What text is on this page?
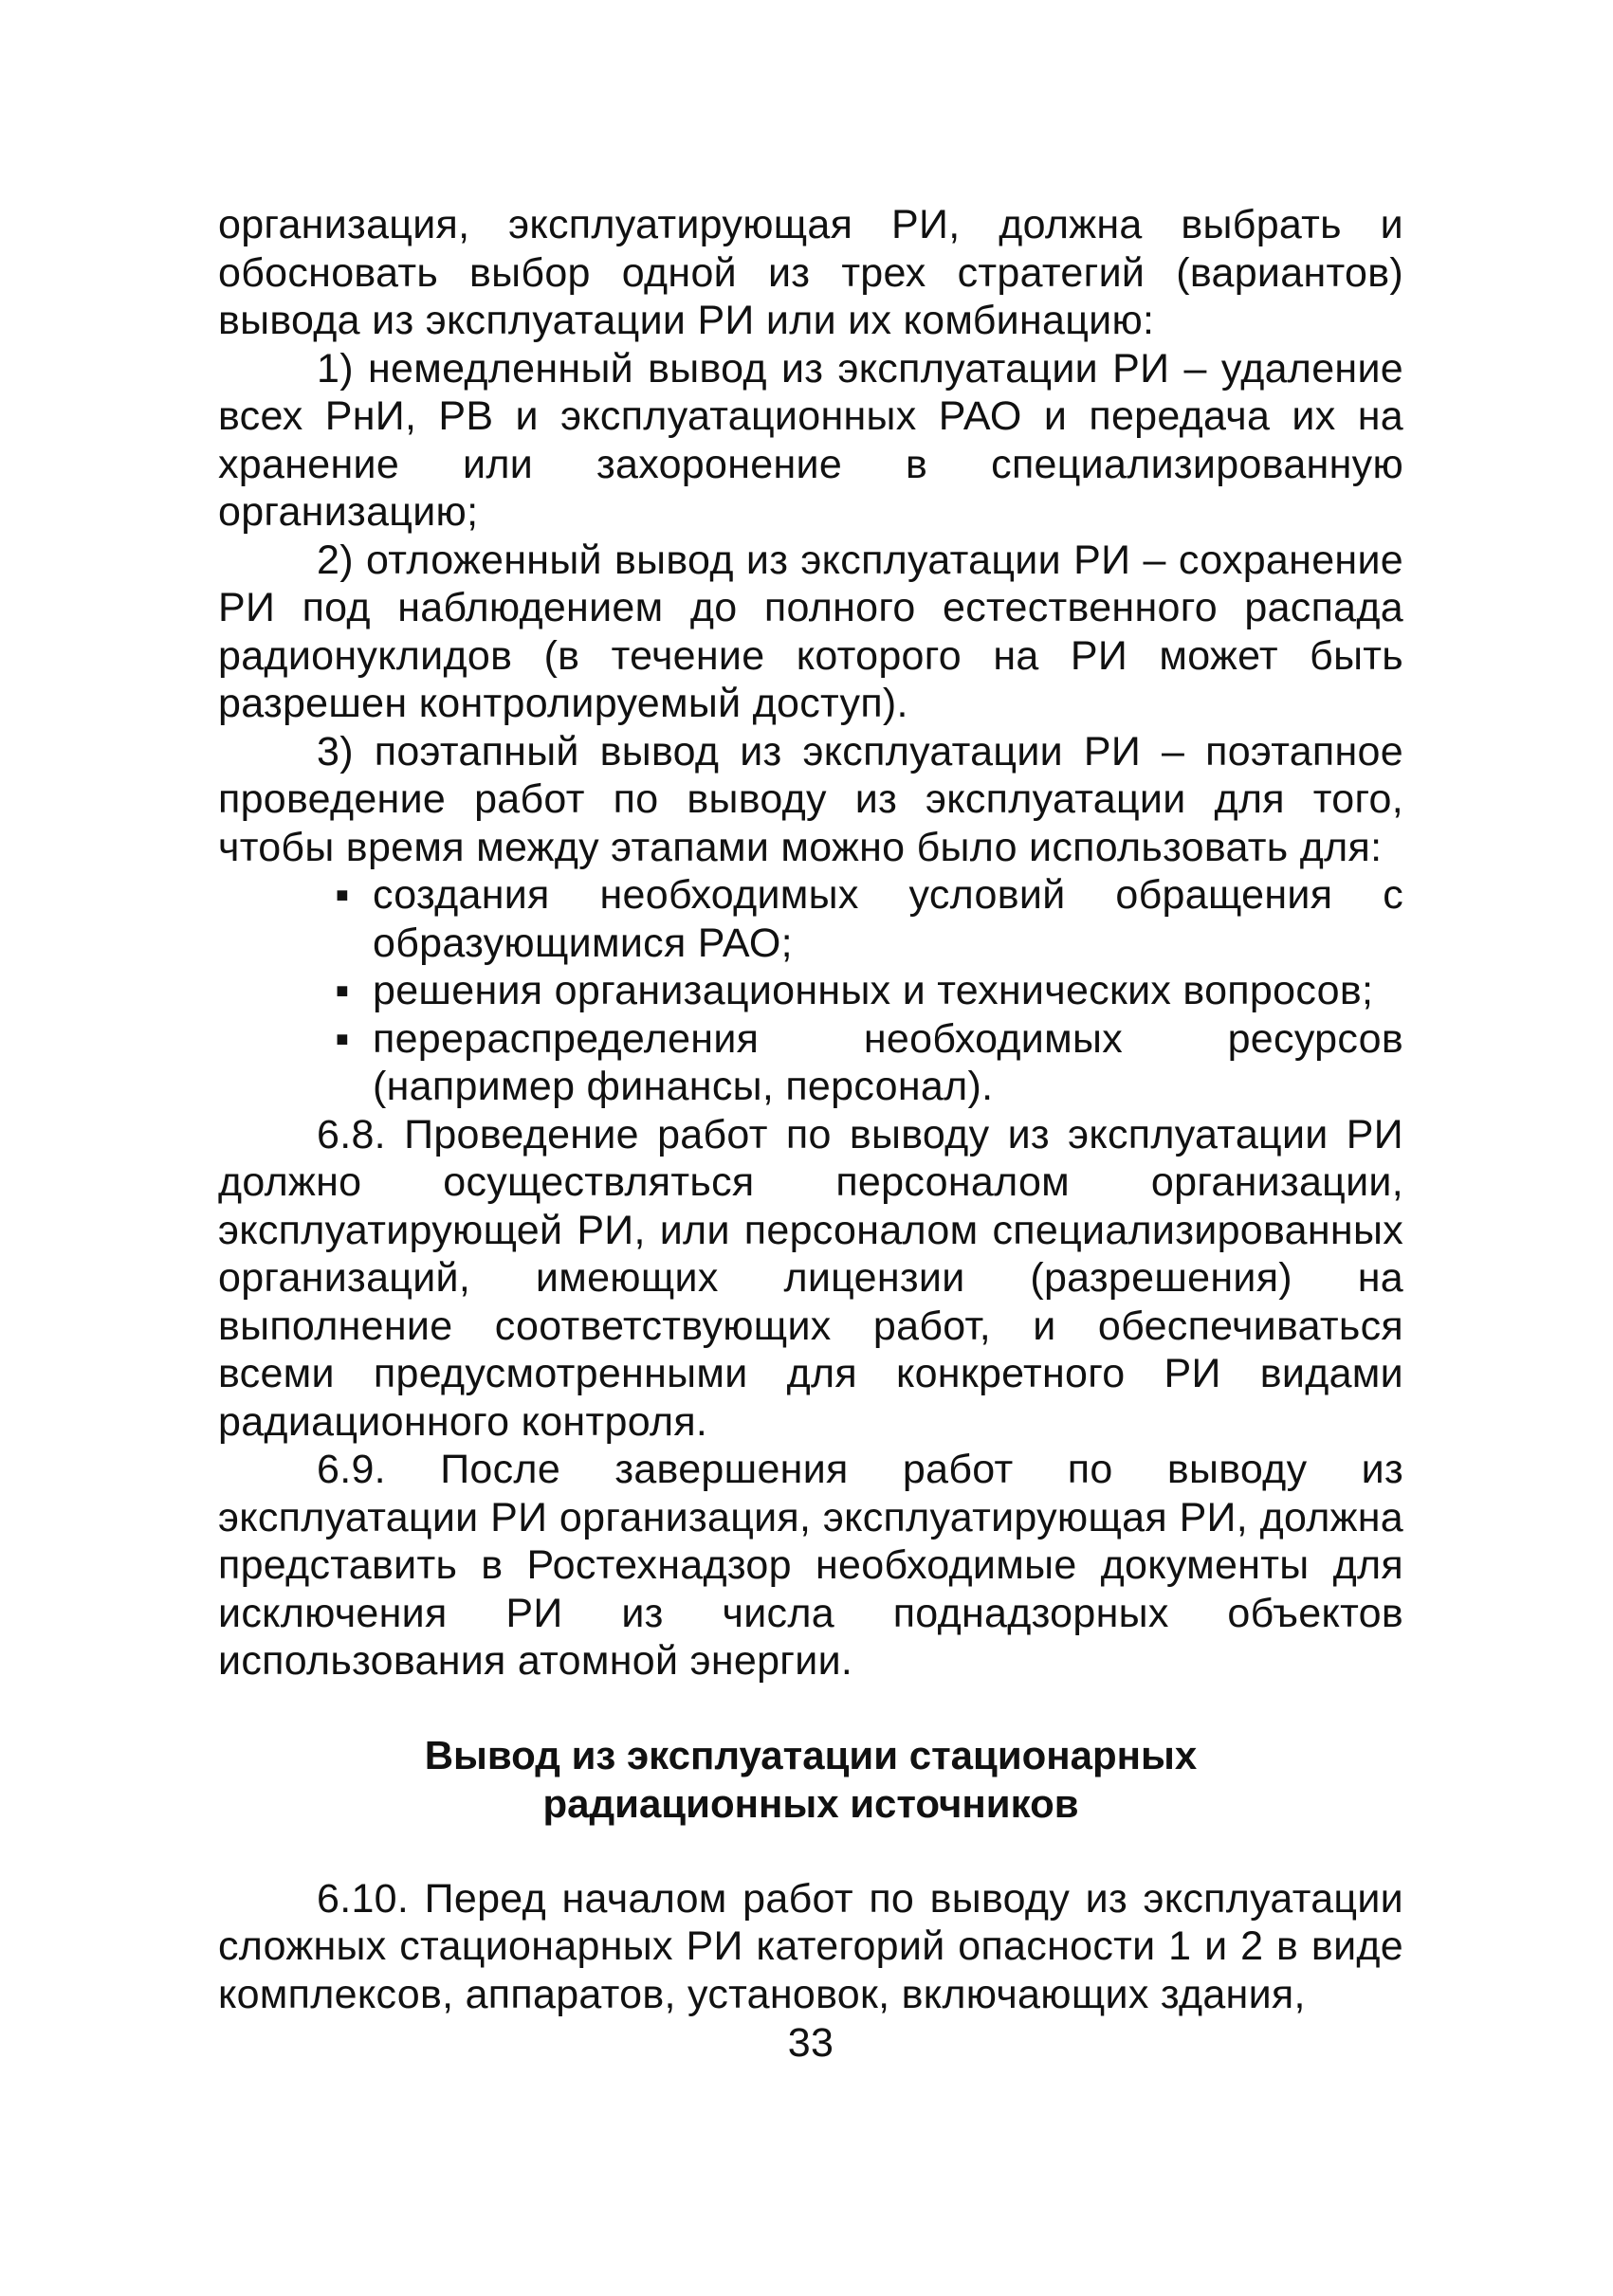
организация, эксплуатирующая РИ, должна выбрать и обосновать выбор одной из трех стратегий (вариантов) вывода из эксплуатации РИ или их комбинацию:

1) немедленный вывод из эксплуатации РИ – удаление всех РнИ, РВ и эксплуатационных РАО и передача их на хранение или захоронение в специализированную организацию;

2) отложенный вывод из эксплуатации РИ – сохранение РИ под наблюдением до полного естественного распада радионуклидов (в течение которого на РИ может быть разрешен контролируемый доступ).

3) поэтапный вывод из эксплуатации РИ – поэтапное проведение работ по выводу из эксплуатации для того, чтобы время между этапами можно было использовать для:

▪ создания необходимых условий обращения с образующимися РАО;
▪ решения организационных и технических вопросов;
▪ перераспределения необходимых ресурсов (например финансы, персонал).

6.8. Проведение работ по выводу из эксплуатации РИ должно осуществляться персоналом организации, эксплуатирующей РИ, или персоналом специализированных организаций, имеющих лицензии (разрешения) на выполнение соответствующих работ, и обеспечиваться всеми предусмотренными для конкретного РИ видами радиационного контроля.

6.9. После завершения работ по выводу из эксплуатации РИ организация, эксплуатирующая РИ, должна представить в Ростехнадзор необходимые документы для исключения РИ из числа поднадзорных объектов использования атомной энергии.

Вывод из эксплуатации стационарных
радиационных источников

6.10. Перед началом работ по выводу из эксплуатации сложных стационарных РИ категорий опасности 1 и 2 в виде комплексов, аппаратов, установок, включающих здания,

33
